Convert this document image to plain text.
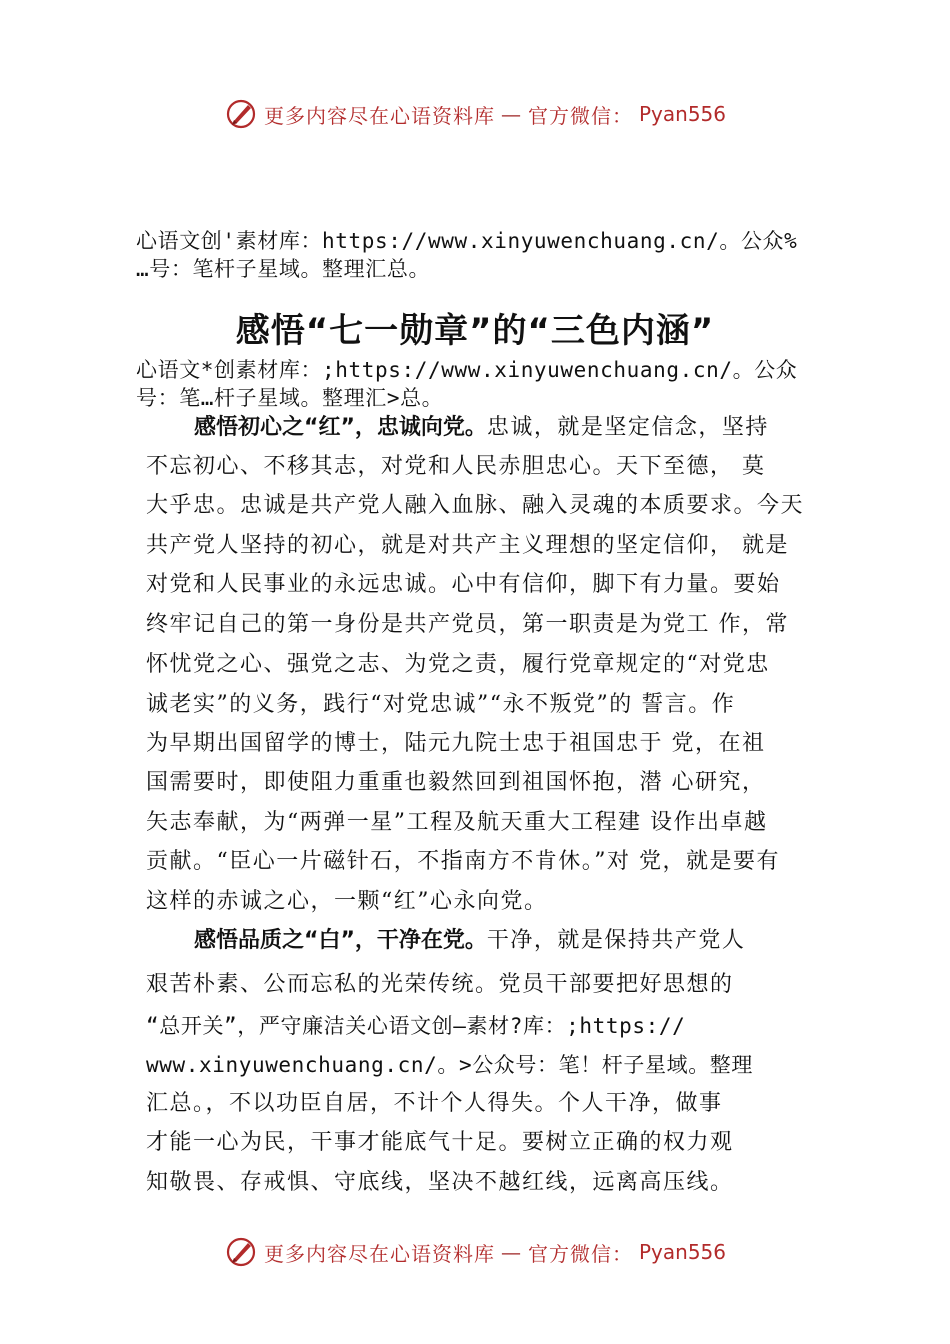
更多内容尽在心语资料库 — 官方微信： Pyan556
心语文创'素材库：https://www.xinyuwenchuang.cn/。公众%
…号：笔杆子星域。整理汇总。
感悟“七一勋章”的“三色内涵”
心语文*创素材库：;https://www.xinyuwenchuang.cn/。公众
号：笔…杆子星域。整理汇>总。
感悟初心之“红”，忠诚向党。忠诚，就是坚定信念，坚持
不忘初心、不移其志，对党和人民赤胆忠心。天下至德， 莫
大乎忠。忠诚是共产党人融入血脉、融入灵魂的本质要求。今天
共产党人坚持的初心，就是对共产主义理想的坚定信仰， 就是
对党和人民事业的永远忠诚。心中有信仰，脚下有力量。要始
终牢记自己的第一身份是共产党员，第一职责是为党工 作，常
怀忧党之心、强党之志、为党之责，履行党章规定的“对党忠
诚老实”的义务，践行“对党忠诚”“永不叛党”的 誓言。作
为早期出国留学的博士，陆元九院士忠于祖国忠于 党，在祖
国需要时，即使阻力重重也毅然回到祖国怀抱，潜 心研究，
矢志奉献，为“两弹一星”工程及航天重大工程建 设作出卓越
贡献。“臣心一片磁针石，不指南方不肯休。”对 党，就是要有
这样的赤诚之心，一颗“红”心永向党。
感悟品质之“白”，干净在党。干净，就是保持共产党人
艰苦朴素、公而忘私的光荣传统。党员干部要把好思想的
“总开关”，严守廉洁关心语文创—素材?库：;https://
www.xinyuwenchuang.cn/。>公众号：笔！杆子星域。整理
汇总。，不以功臣自居，不计个人得失。个人干净，做事
才能一心为民，干事才能底气十足。要树立正确的权力观
知敬畏、存戒惧、守底线，坚决不越红线，远离高压线。
更多内容尽在心语资料库 — 官方微信： Pyan556
